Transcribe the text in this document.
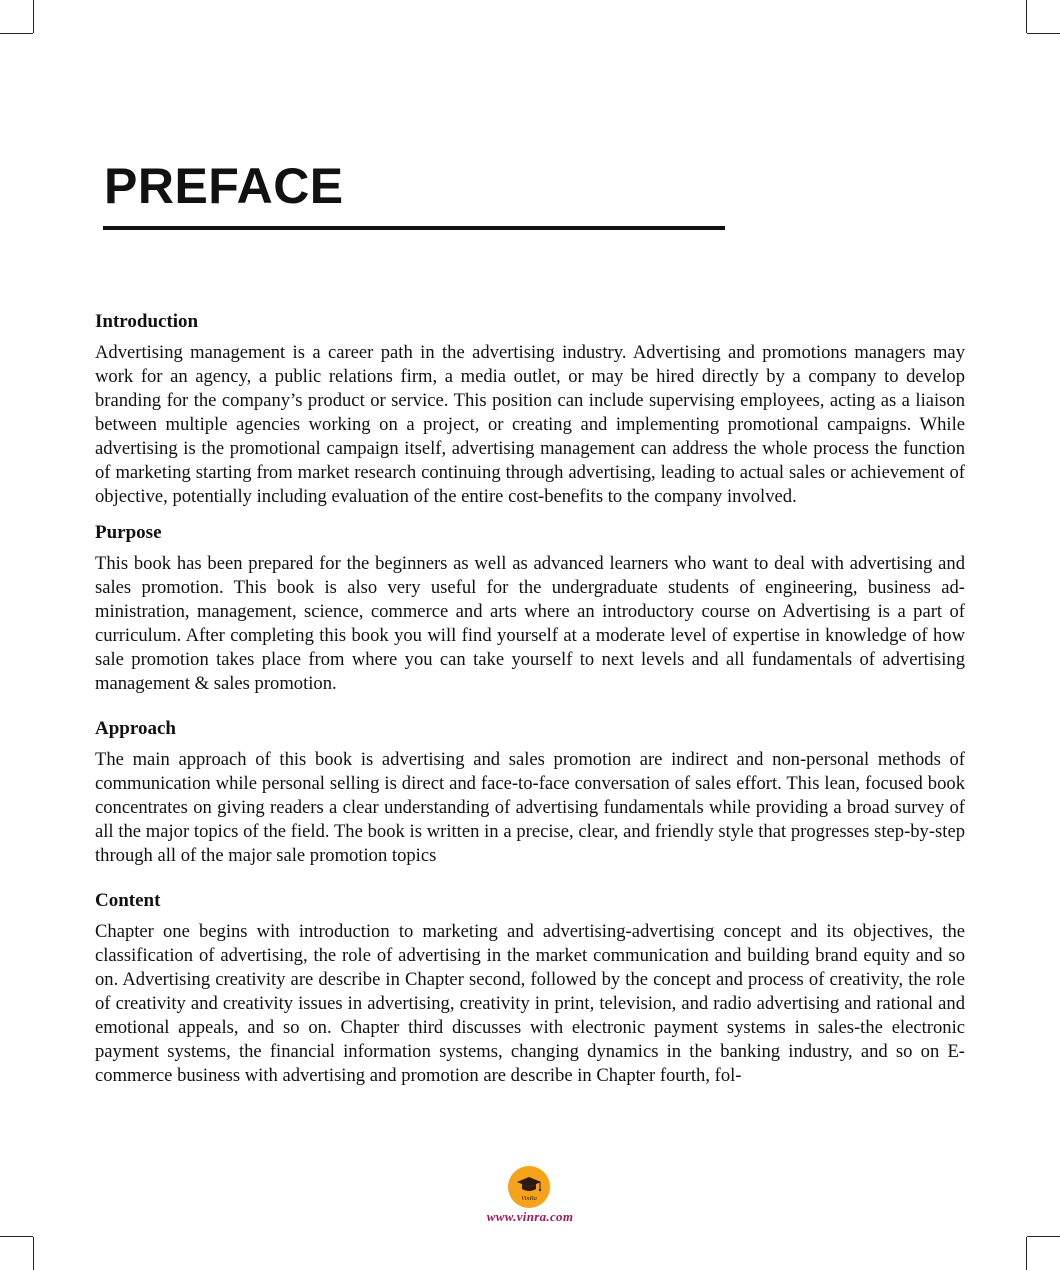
PREFACE
Introduction

Advertising management is a career path in the advertising industry. Advertising and promotions managers may work for an agency, a public relations firm, a media outlet, or may be hired directly by a company to develop branding for the company’s product or service. This position can include supervising employees, acting as a liaison between multiple agencies working on a project, or creating and implementing promotional campaigns. While advertising is the promotional campaign itself, advertising management can address the whole process the function of marketing starting from market research continuing through advertising, leading to actual sales or achievement of objective, potentially including evaluation of the entire cost-benefits to the company involved.

Purpose

This book has been prepared for the beginners as well as advanced learners who want to deal with advertising and sales promotion. This book is also very useful for the undergraduate students of engineering, business administration, management, science, commerce and arts where an introductory course on Advertising is a part of curriculum. After completing this book you will find yourself at a moderate level of expertise in knowledge of how sale promotion takes place from where you can take yourself to next levels and all fundamentals of advertising management & sales promotion.

Approach

The main approach of this book is advertising and sales promotion are indirect and non-personal methods of communication while personal selling is direct and face-to-face conversation of sales effort. This lean, focused book concentrates on giving readers a clear understanding of advertising fundamentals while providing a broad survey of all the major topics of the field. The book is written in a precise, clear, and friendly style that progresses step-by-step through all of the major sale promotion topics

Content

Chapter one begins with introduction to marketing and advertising-advertising concept and its objectives, the classification of advertising, the role of advertising in the market communication and building brand equity and so on. Advertising creativity are describe in Chapter second, followed by the concept and process of creativity, the role of creativity and creativity issues in advertising, creativity in print, television, and radio advertising and rational and emotional appeals, and so on. Chapter third discusses with electronic payment systems in sales-the electronic payment systems, the financial information systems, changing dynamics in the banking industry, and so on E-commerce business with advertising and promotion are describe in Chapter fourth, fol-

VinRa
www.vinra.com
